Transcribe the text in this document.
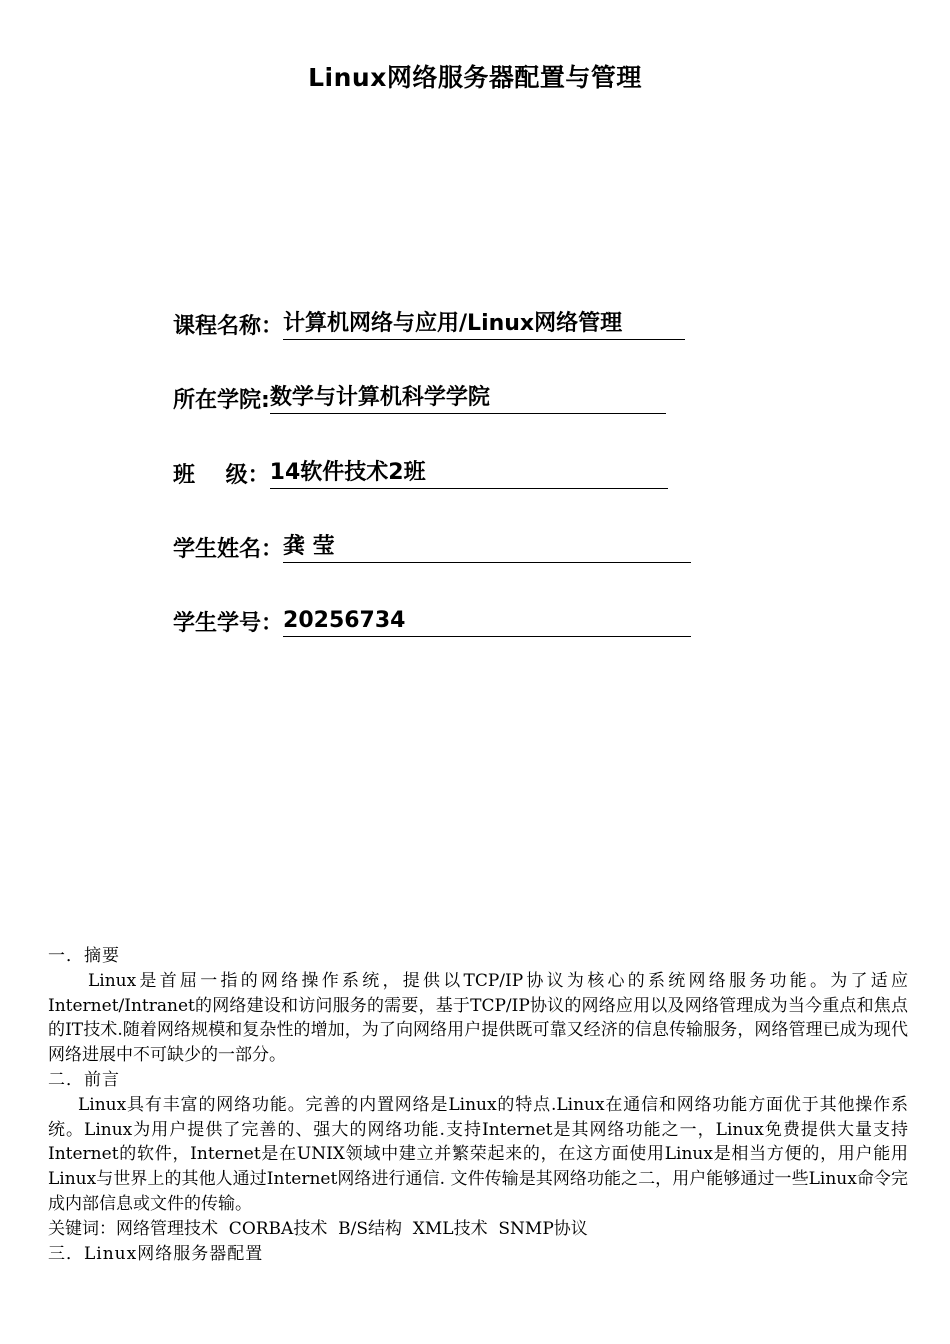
Linux网络服务器配置与管理
课程名称： 计算机网络与应用/Linux网络管理
所在学院: 数学与计算机科学学院
班    级： 14软件技术2班
学生姓名： 龚 莹
学生学号： 20256734

一．摘要

Linux是首屈一指的网络操作系统，提供以TCP/IP协议为核心的系统网络服务功能。为了适应Internet/Intranet的网络建设和访问服务的需要，基于TCP/IP协议的网络应用以及网络管理成为当今重点和焦点的IT技术.随着网络规模和复杂性的增加，为了向网络用户提供既可靠又经济的信息传输服务，网络管理已成为现代网络进展中不可缺少的一部分。

二．前言

Linux具有丰富的网络功能。完善的内置网络是Linux的特点.Linux在通信和网络功能方面优于其他操作系统。Linux为用户提供了完善的、强大的网络功能.支持Internet是其网络功能之一，Linux免费提供大量支持Internet的软件，Internet是在UNIX领域中建立并繁荣起来的，在这方面使用Linux是相当方便的，用户能用Linux与世界上的其他人通过Internet网络进行通信. 文件传输是其网络功能之二，用户能够通过一些Linux命令完成内部信息或文件的传输。

关键词：网络管理技术  CORBA技术  B/S结构  XML技术  SNMP协议

三．Linux网络服务器配置
